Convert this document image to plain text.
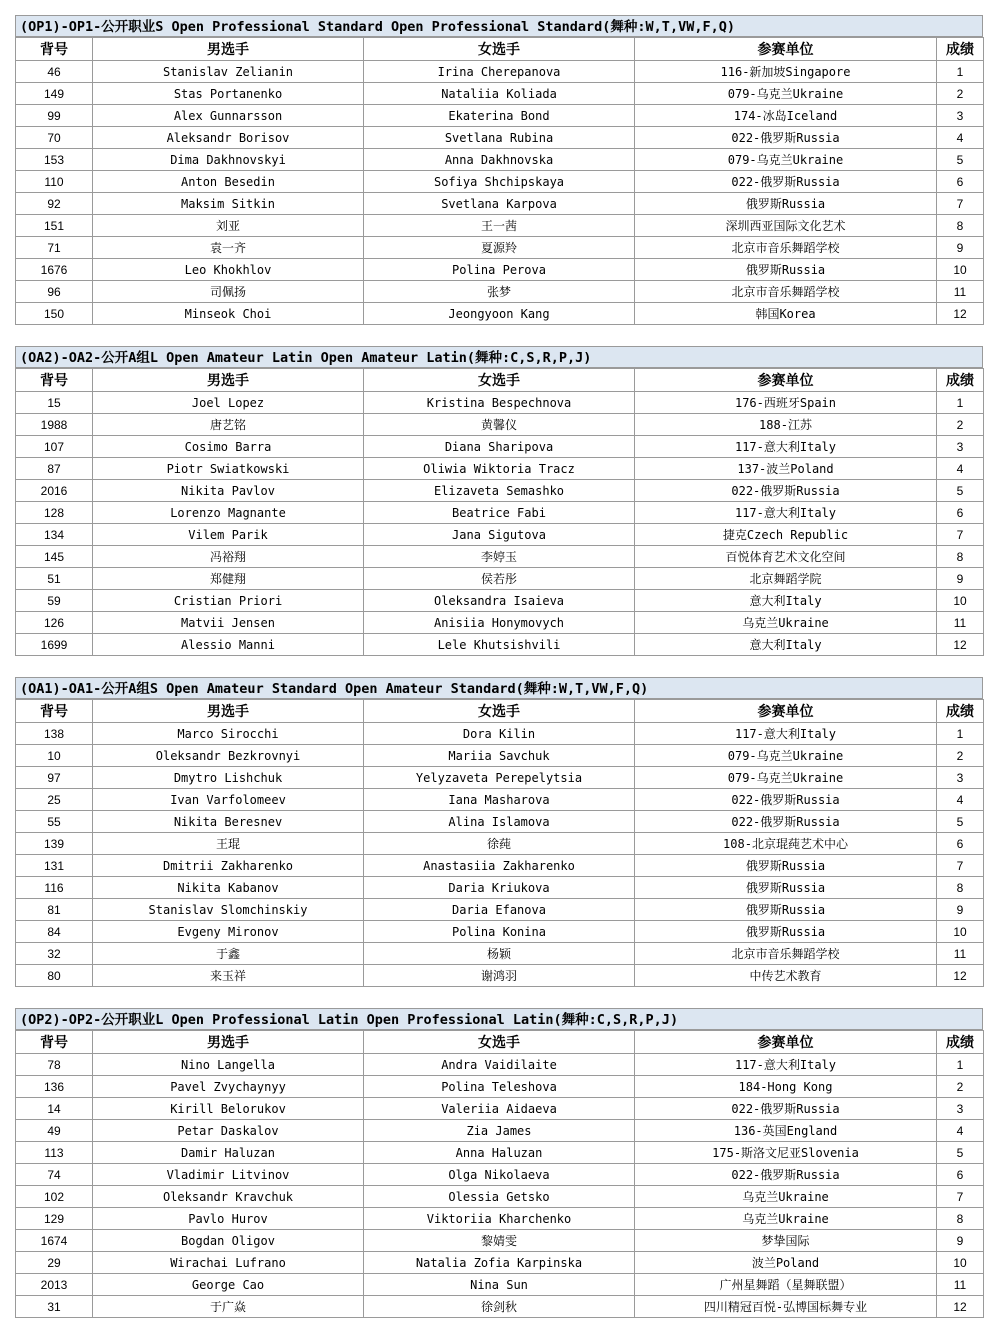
(OP1)-OP1-公开职业S Open Professional Standard Open Professional Standard(舞种:W,T,VW,F,Q)
背号	男选手	女选手	参赛单位	成绩
46	Stanislav Zelianin	Irina Cherepanova	116-新加坡Singapore	1
149	Stas Portanenko	Nataliia Koliada	079-乌克兰Ukraine	2
99	Alex Gunnarsson	Ekaterina Bond	174-冰岛Iceland	3
70	Aleksandr Borisov	Svetlana Rubina	022-俄罗斯Russia	4
153	Dima Dakhnovskyi	Anna Dakhnovska	079-乌克兰Ukraine	5
110	Anton Besedin	Sofiya Shchipskaya	022-俄罗斯Russia	6
92	Maksim Sitkin	Svetlana Karpova	俄罗斯Russia	7
151	刘亚	王一茜	深圳西亚国际文化艺术	8
71	袁一齐	夏源羚	北京市音乐舞蹈学校	9
1676	Leo Khokhlov	Polina Perova	俄罗斯Russia	10
96	司佩扬	张梦	北京市音乐舞蹈学校	11
150	Minseok Choi	Jeongyoon Kang	韩国Korea	12
(OA2)-OA2-公开A组L Open Amateur Latin Open Amateur Latin(舞种:C,S,R,P,J)
背号	男选手	女选手	参赛单位	成绩
15	Joel Lopez	Kristina Bespechnova	176-西班牙Spain	1
1988	唐艺铭	黄馨仪	188-江苏	2
107	Cosimo Barra	Diana Sharipova	117-意大利Italy	3
87	Piotr Swiatkowski	Oliwia Wiktoria Tracz	137-波兰Poland	4
2016	Nikita Pavlov	Elizaveta Semashko	022-俄罗斯Russia	5
128	Lorenzo Magnante	Beatrice Fabi	117-意大利Italy	6
134	Vilem Parik	Jana Sigutova	捷克Czech Republic	7
145	冯裕翔	李婷玉	百悦体育艺术文化空间	8
51	郑健翔	侯若彤	北京舞蹈学院	9
59	Cristian Priori	Oleksandra Isaieva	意大利Italy	10
126	Matvii Jensen	Anisiia Honymovych	乌克兰Ukraine	11
1699	Alessio Manni	Lele Khutsishvili	意大利Italy	12
(OA1)-OA1-公开A组S Open Amateur Standard Open Amateur Standard(舞种:W,T,VW,F,Q)
背号	男选手	女选手	参赛单位	成绩
138	Marco Sirocchi	Dora Kilin	117-意大利Italy	1
10	Oleksandr Bezkrovnyi	Mariia Savchuk	079-乌克兰Ukraine	2
97	Dmytro Lishchuk	Yelyzaveta Perepelytsia	079-乌克兰Ukraine	3
25	Ivan Varfolomeev	Iana Masharova	022-俄罗斯Russia	4
55	Nikita Beresnev	Alina Islamova	022-俄罗斯Russia	5
139	王琨	徐莼	108-北京琨莼艺术中心	6
131	Dmitrii Zakharenko	Anastasiia Zakharenko	俄罗斯Russia	7
116	Nikita Kabanov	Daria Kriukova	俄罗斯Russia	8
81	Stanislav Slomchinskiy	Daria Efanova	俄罗斯Russia	9
84	Evgeny Mironov	Polina Konina	俄罗斯Russia	10
32	于鑫	杨颖	北京市音乐舞蹈学校	11
80	来玉祥	谢鸿羽	中传艺术教育	12
(OP2)-OP2-公开职业L Open Professional Latin Open Professional Latin(舞种:C,S,R,P,J)
背号	男选手	女选手	参赛单位	成绩
78	Nino Langella	Andra Vaidilaite	117-意大利Italy	1
136	Pavel Zvychaynyy	Polina Teleshova	184-Hong Kong	2
14	Kirill Belorukov	Valeriia Aidaeva	022-俄罗斯Russia	3
49	Petar Daskalov	Zia James	136-英国England	4
113	Damir Haluzan	Anna Haluzan	175-斯洛文尼亚Slovenia	5
74	Vladimir Litvinov	Olga Nikolaeva	022-俄罗斯Russia	6
102	Oleksandr Kravchuk	Olessia Getsko	乌克兰Ukraine	7
129	Pavlo Hurov	Viktoriia Kharchenko	乌克兰Ukraine	8
1674	Bogdan Oligov	黎婧雯	梦挚国际	9
29	Wirachai Lufrano	Natalia Zofia Karpinska	波兰Poland	10
2013	George Cao	Nina Sun	广州星舞蹈（星舞联盟）	11
31	于广焱	徐剑秋	四川精冠百悦-弘博国标舞专业	12
